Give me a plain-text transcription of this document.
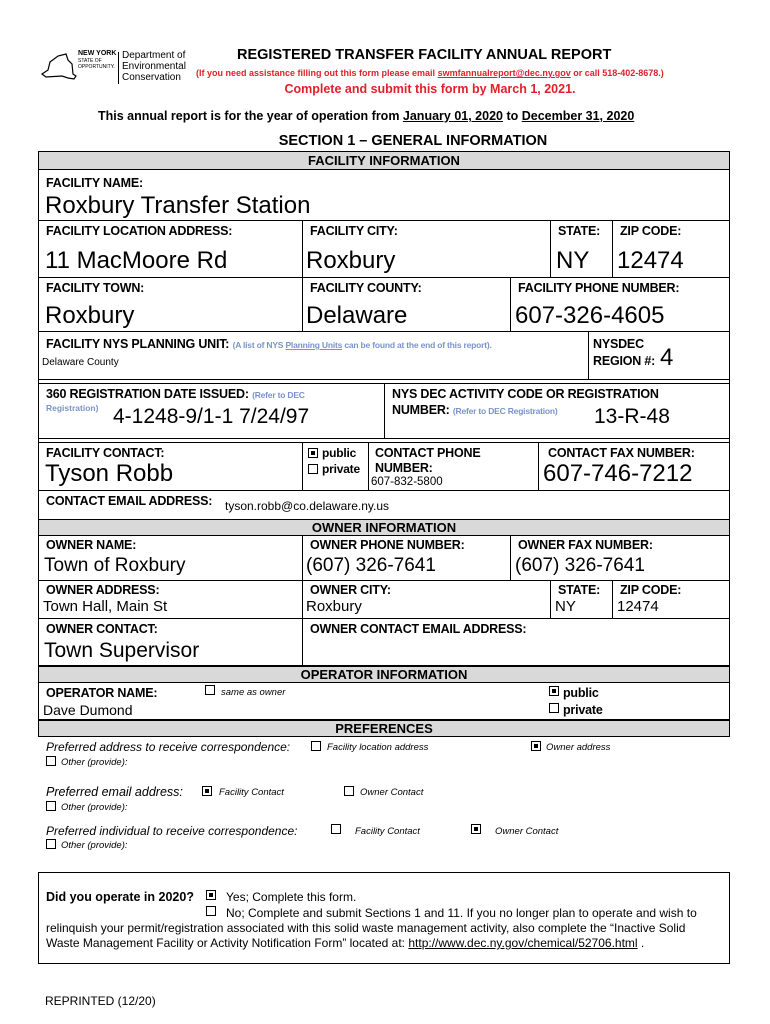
NEW YORK
STATE OF
OPPORTUNITY.
Department of
Environmental
Conservation
REGISTERED TRANSFER FACILITY ANNUAL REPORT
(If you need assistance filling out this form please email swmfannualreport@dec.ny.gov or call 518-402-8678.)
Complete and submit this form by March 1, 2021.
This annual report is for the year of operation from January 01, 2020 to December 31, 2020
SECTION 1 – GENERAL INFORMATION
FACILITY INFORMATION
FACILITY NAME:
Roxbury Transfer Station
FACILITY LOCATION ADDRESS:	FACILITY CITY:	STATE: ZIP CODE:
11 MacMoore Rd	Roxbury	NY 12474
FACILITY TOWN:	FACILITY COUNTY:	FACILITY PHONE NUMBER:
Roxbury	Delaware	607-326-4605
FACILITY NYS PLANNING UNIT: (A list of NYS Planning Units can be found at the end of this report).
Delaware County
NYSDEC
REGION #: 4
360 REGISTRATION DATE ISSUED: (Refer to DEC
Registration) 4-1248-9/1-1 7/24/97
NYS DEC ACTIVITY CODE OR REGISTRATION
NUMBER: (Refer to DEC Registration) 13-R-48
FACILITY CONTACT:
Tyson Robb
public
private
CONTACT PHONE
NUMBER:
607-832-5800
CONTACT FAX NUMBER:
607-746-7212
CONTACT EMAIL ADDRESS: tyson.robb@co.delaware.ny.us
OWNER INFORMATION
OWNER NAME:	OWNER PHONE NUMBER:	OWNER FAX NUMBER:
Town of Roxbury	(607) 326-7641	(607) 326-7641
OWNER ADDRESS:	OWNER CITY:	STATE: ZIP CODE:
Town Hall, Main St	Roxbury	NY	12474
OWNER CONTACT:	OWNER CONTACT EMAIL ADDRESS:
Town Supervisor
OPERATOR INFORMATION
OPERATOR NAME:
Dave Dumond
same as owner	public
private
PREFERENCES
Preferred address to receive correspondence:	Facility location address	Owner address
Other (provide):
Preferred email address:	Facility Contact	Owner Contact
Other (provide):
Preferred individual to receive correspondence:	Facility Contact	Owner Contact
Other (provide):
Did you operate in 2020?	Yes; Complete this form.
No; Complete and submit Sections 1 and 11. If you no longer plan to operate and wish to
relinquish your permit/registration associated with this solid waste management activity, also complete the “Inactive Solid
Waste Management Facility or Activity Notification Form” located at: http://www.dec.ny.gov/chemical/52706.html .
REPRINTED (12/20)
